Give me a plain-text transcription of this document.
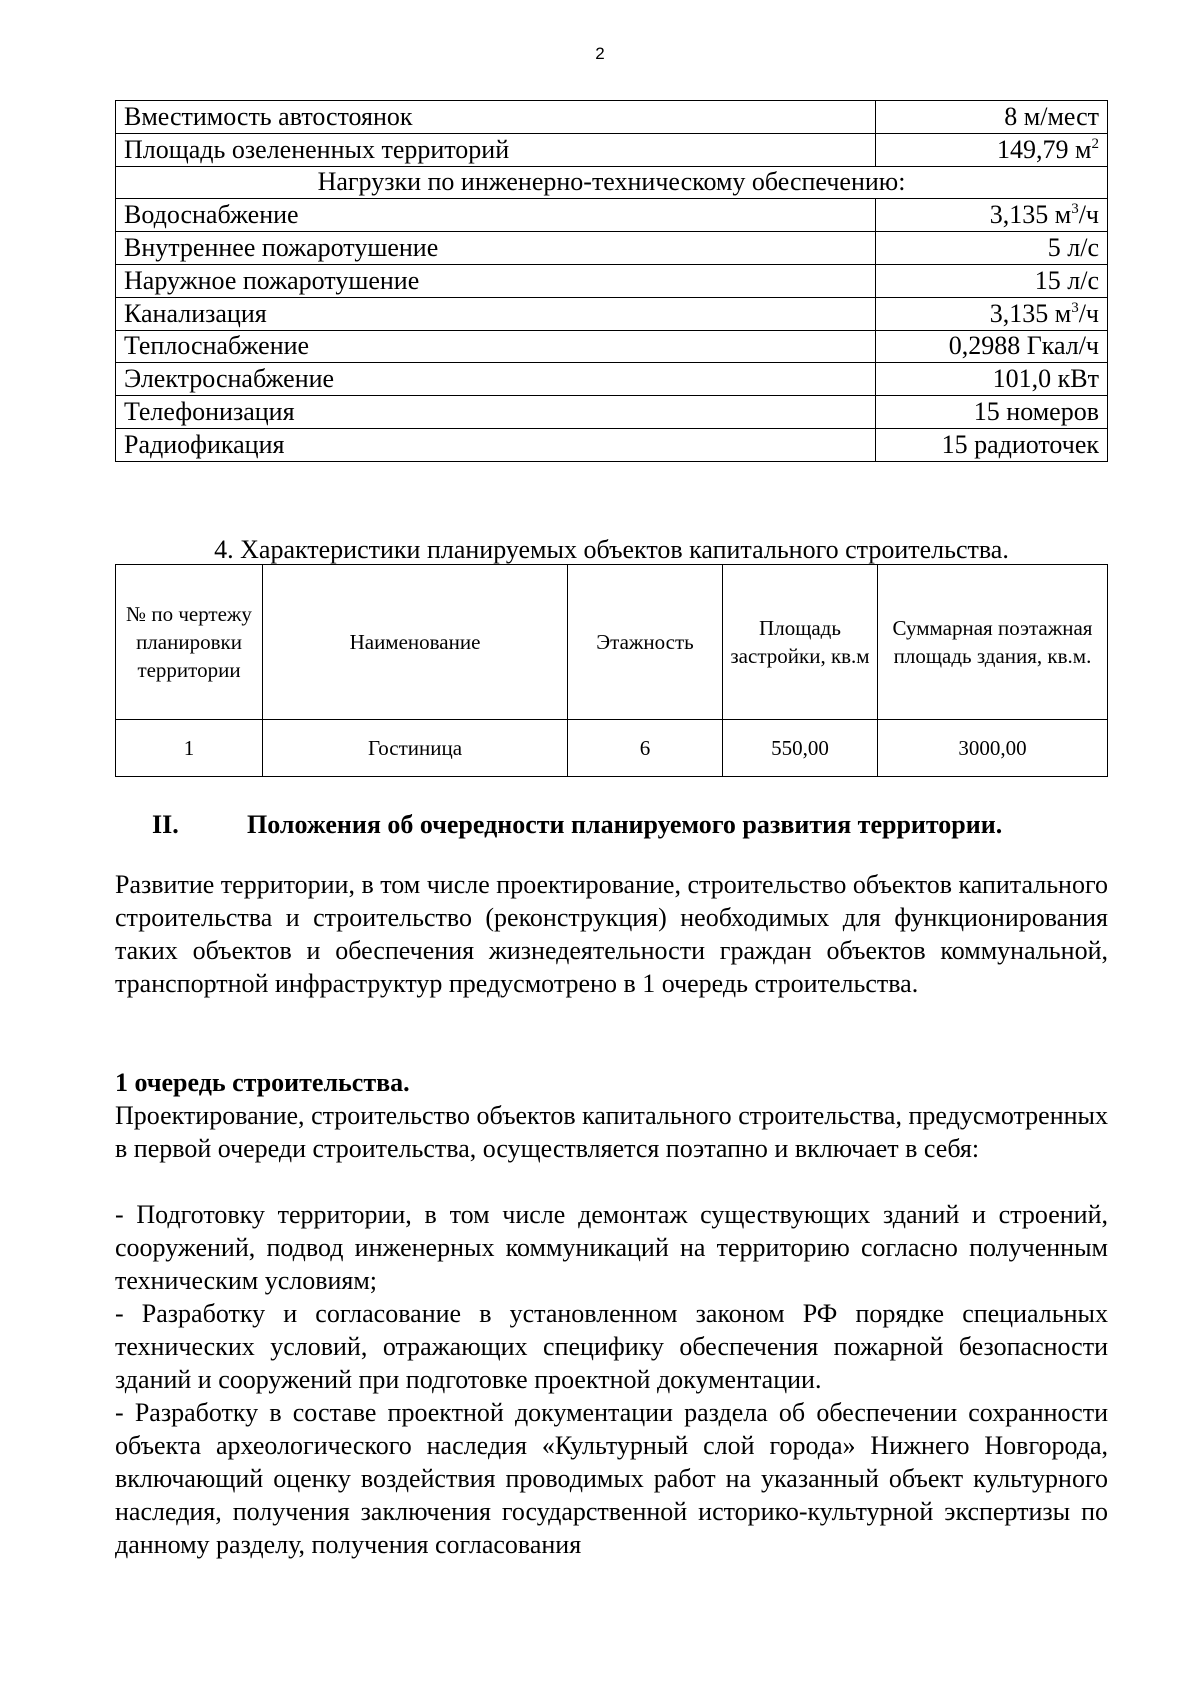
2
Вместимость автостоянок	8 м/мест
Площадь озелененных территорий	149,79 $м^2$
Нагрузки по инженерно-техническому обеспечению:	
Водоснабжение	3,135 $м^3/ч$
Внутреннее пожаротушение	5 л/с
Наружное пожаротушение	15 л/с
Канализация	3,135 $м^3/ч$
Теплоснабжение	0,2988 Гкал/ч
Электроснабжение	101,0 кВт
Телефонизация	15 номеров
Радиофикация	15 радиоточек
4. Характеристики планируемых объектов капитального строительства.
№ по чертежу планировки территории	Наименование	Этажность	Площадь застройки, кв.м	Суммарная поэтажная площадь здания, кв.м.
1	Гостиница	6	550,00	3000,00
II.	Положения об очередности планируемого развития территории.

Развитие территории, в том числе проектирование, строительство объектов капитального строительства и строительство (реконструкция) необходимых для функционирования таких объектов и обеспечения жизнедеятельности граждан объектов коммунальной, транспортной инфраструктур предусмотрено в 1 очередь строительства.

1 очередь строительства.

Проектирование, строительство объектов капитального строительства, предусмотренных в первой очереди строительства, осуществляется поэтапно и включает в себя:

- Подготовку территории, в том числе демонтаж существующих зданий и строений, сооружений, подвод инженерных коммуникаций на территорию согласно полученным техническим условиям;

- Разработку и согласование в установленном законом РФ порядке специальных технических условий, отражающих специфику обеспечения пожарной безопасности зданий и сооружений при подготовке проектной документации.

- Разработку в составе проектной документации раздела об обеспечении сохранности объекта археологического наследия «Культурный слой города» Нижнего Новгорода, включающий оценку воздействия проводимых работ на указанный объект культурного наследия, получения заключения государственной историко-культурной экспертизы по данному разделу, получения согласования
